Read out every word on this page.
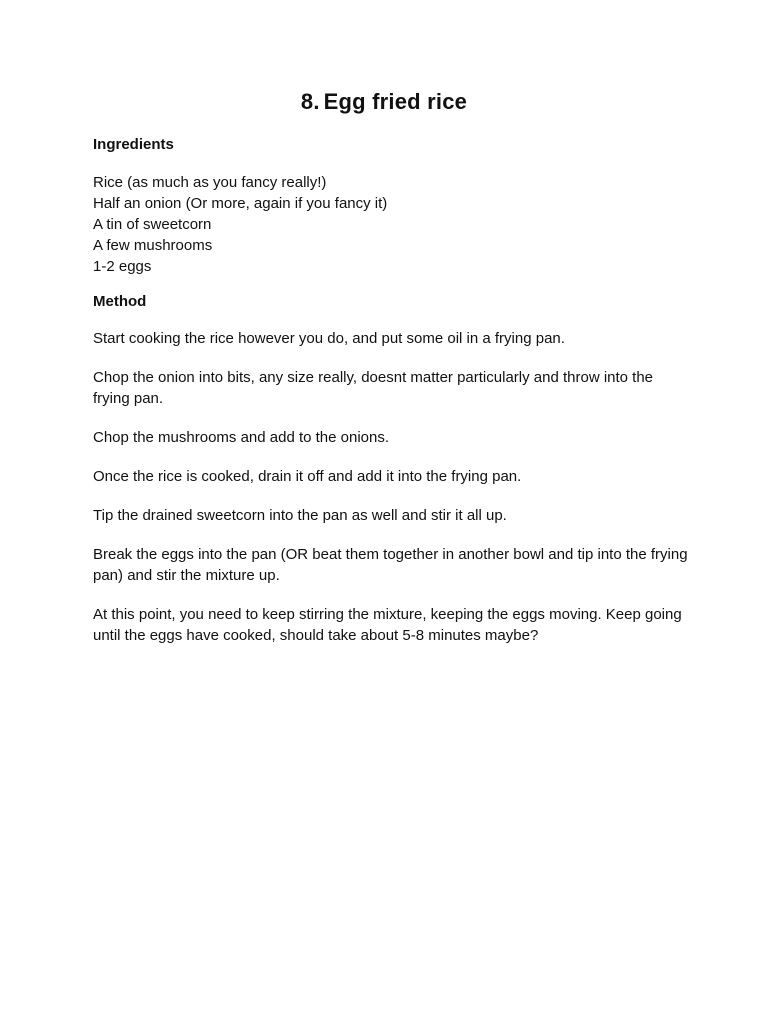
8. Egg fried rice

Ingredients

Rice (as much as you fancy really!)
Half an onion (Or more, again if you fancy it)
A tin of sweetcorn
A few mushrooms
1-2 eggs

Method

Start cooking the rice however you do, and put some oil in a frying pan.

Chop the onion into bits, any size really, doesnt matter particularly and throw into the frying pan.

Chop the mushrooms and add to the onions.

Once the rice is cooked, drain it off and add it into the frying pan.

Tip the drained sweetcorn into the pan as well and stir it all up.

Break the eggs into the pan (OR beat them together in another bowl and tip into the frying pan) and stir the mixture up.

At this point, you need to keep stirring the mixture, keeping the eggs moving. Keep going until the eggs have cooked, should take about 5-8 minutes maybe?
